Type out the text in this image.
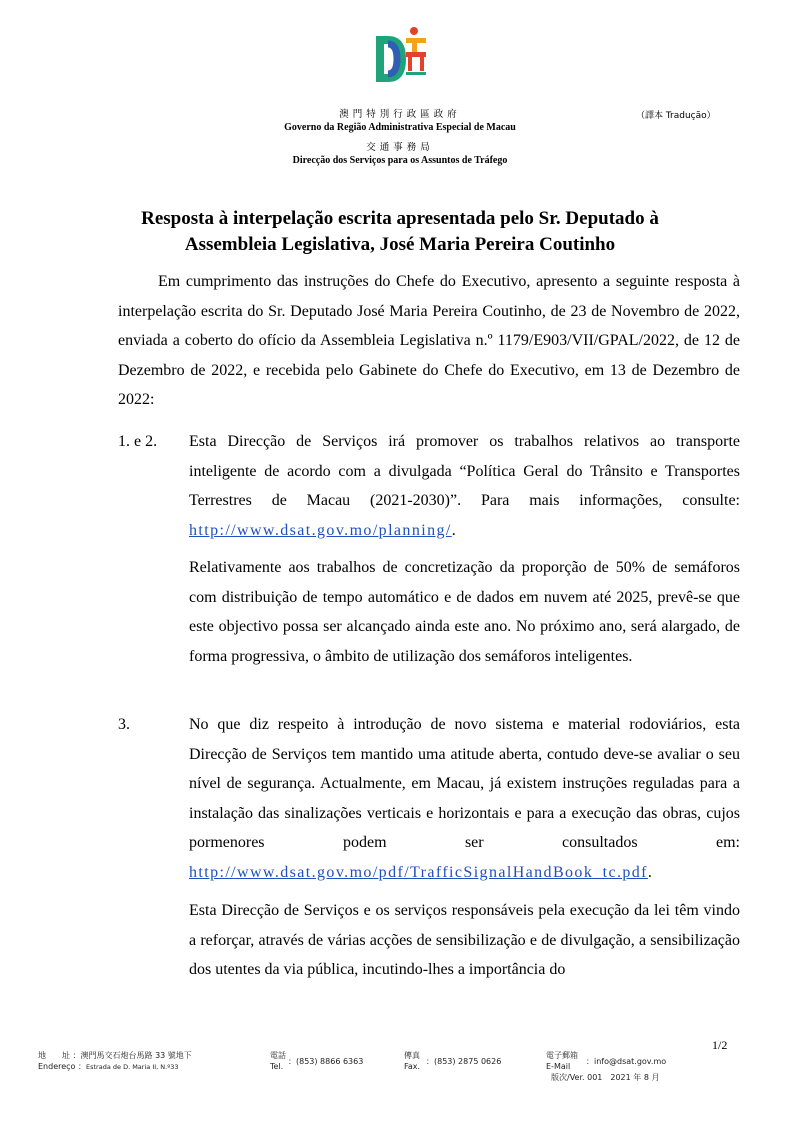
澳門特別行政區政府
Governo da Região Administrativa Especial de Macau
交通事務局
Direcção dos Serviços para os Assuntos de Tráfego
（譯本 Tradução）
Resposta à interpelação escrita apresentada pelo Sr. Deputado à
Assembleia Legislativa, José Maria Pereira Coutinho
Em cumprimento das instruções do Chefe do Executivo, apresento a seguinte resposta à interpelação escrita do Sr. Deputado José Maria Pereira Coutinho, de 23 de Novembro de 2022, enviada a coberto do ofício da Assembleia Legislativa n.º 1179/E903/VII/GPAL/2022, de 12 de Dezembro de 2022, e recebida pelo Gabinete do Chefe do Executivo, em 13 de Dezembro de 2022:
1. e 2. Esta Direcção de Serviços irá promover os trabalhos relativos ao transporte inteligente de acordo com a divulgada “Política Geral do Trânsito e Transportes Terrestres de Macau (2021-2030)”. Para mais informações, consulte: http://www.dsat.gov.mo/planning/.
Relativamente aos trabalhos de concretização da proporção de 50% de semáforos com distribuição de tempo automático e de dados em nuvem até 2025, prevê-se que este objectivo possa ser alcançado ainda este ano. No próximo ano, será alargado, de forma progressiva, o âmbito de utilização dos semáforos inteligentes.
3.	No que diz respeito à introdução de novo sistema e material rodoviários, esta Direcção de Serviços tem mantido uma atitude aberta, contudo deve-se avaliar o seu nível de segurança. Actualmente, em Macau, já existem instruções reguladas para a instalação das sinalizações verticais e horizontais e para a execução das obras, cujos pormenores podem ser consultados em: http://www.dsat.gov.mo/pdf/TrafficSignalHandBook_tc.pdf.
Esta Direcção de Serviços e os serviços responsáveis pela execução da lei têm vindo a reforçar, através de várias acções de sensibilização e de divulgação, a sensibilização dos utentes da via pública, incutindo-lhes a importância do
1/2
地　　址 ：澳門馬交石炮台馬路 33 號地下
Endereço ：Estrada de D. Maria II, N.º33
電話
Tel.
：(853) 8866 6363
傳真
Fax.
：(853) 2875 0626
電子郵箱
E-Mail
：info@dsat.gov.mo
版次/Ver. 001　2021 年 8 月
